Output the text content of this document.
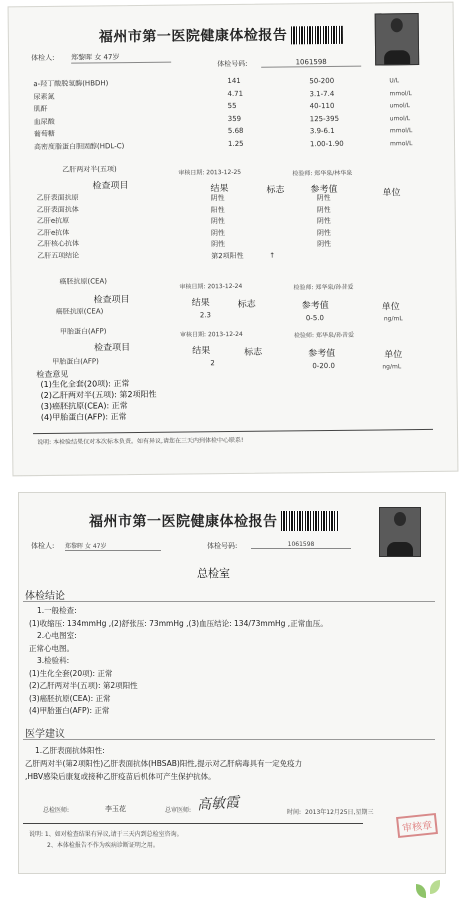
福州市第一医院健康体检报告
体检人: 郑黎晖 女 47岁
体检号码:	1061598
a-羟丁酸脱氢酶(HBDH)	141	50-200	U/L
尿素氮	4.71	3.1-7.4	mmol/L
肌酐	55	40-110	umol/L
血尿酸	359	125-395	umol/L
葡萄糖	5.68	3.9-6.1	mmol/L
高密度脂蛋白胆固醇(HDL-C)	1.25	1.00-1.90	mmol/L
乙肝两对半(五项)	审核日期: 2013-12-25	检验师: 郑华泉/林华泉
检查项目	结果	标志	参考值	单位
乙肝表面抗原	阴性	阴性
乙肝表面抗体	阳性	阴性
乙肝e抗原	阴性	阴性
乙肝e抗体	阴性	阴性
乙肝核心抗体	阴性	阴性
乙肝五项结论	第2项阳性	↑
癌胚抗原(CEA)
审核日期: 2013-12-24	检验师: 郑华泉/孙昔爱
检查项目	结果	标志	参考值	单位
癌胚抗原(CEA)	2.3	0-5.0	ng/mL
甲胎蛋白(AFP)	审核日期: 2013-12-24	检验师: 郑华泉/孙昔爱
检查项目	结果	标志	参考值	单位
甲胎蛋白(AFP)	2	0-20.0	ng/mL
检查意见
(1)生化全套(20项): 正常
(2)乙肝两对半(五项): 第2项阳性
(3)癌胚抗原(CEA): 正常
(4)甲胎蛋白(AFP): 正常
说明: 本检验结果仅对本次标本负责。如有异议,请您在三天内到体检中心联系!
福州市第一医院健康体检报告
体检人: 郑黎晖 女 47岁	体检号码:	1061598
总检室
体检结论
1.一般检查:
(1)收缩压: 134mmHg ,(2)舒张压: 73mmHg ,(3)血压结论: 134/73mmHg ,正常血压。
2.心电图室:
正常心电图。
3.检验科:
(1)生化全套(20项): 正常
(2)乙肝两对半(五项): 第2项阳性
(3)癌胚抗原(CEA): 正常
(4)甲胎蛋白(AFP): 正常
医学建议
1.乙肝表面抗体阳性:
乙肝两对半(第2项阳性)乙肝表面抗体(HBSAB)阳性,提示对乙肝病毒具有一定免疫力
,HBV感染后康复或接种乙肝疫苗后机体可产生保护抗体。
总检医师:	李玉花	总审医师: 高敏霞	时间: 2013年12月25日,星期三
审核章
说明: 1、如对检查结果有异议,请于三天内到总检室咨询。
2、本体检报告不作为疾病诊断证明之用。
